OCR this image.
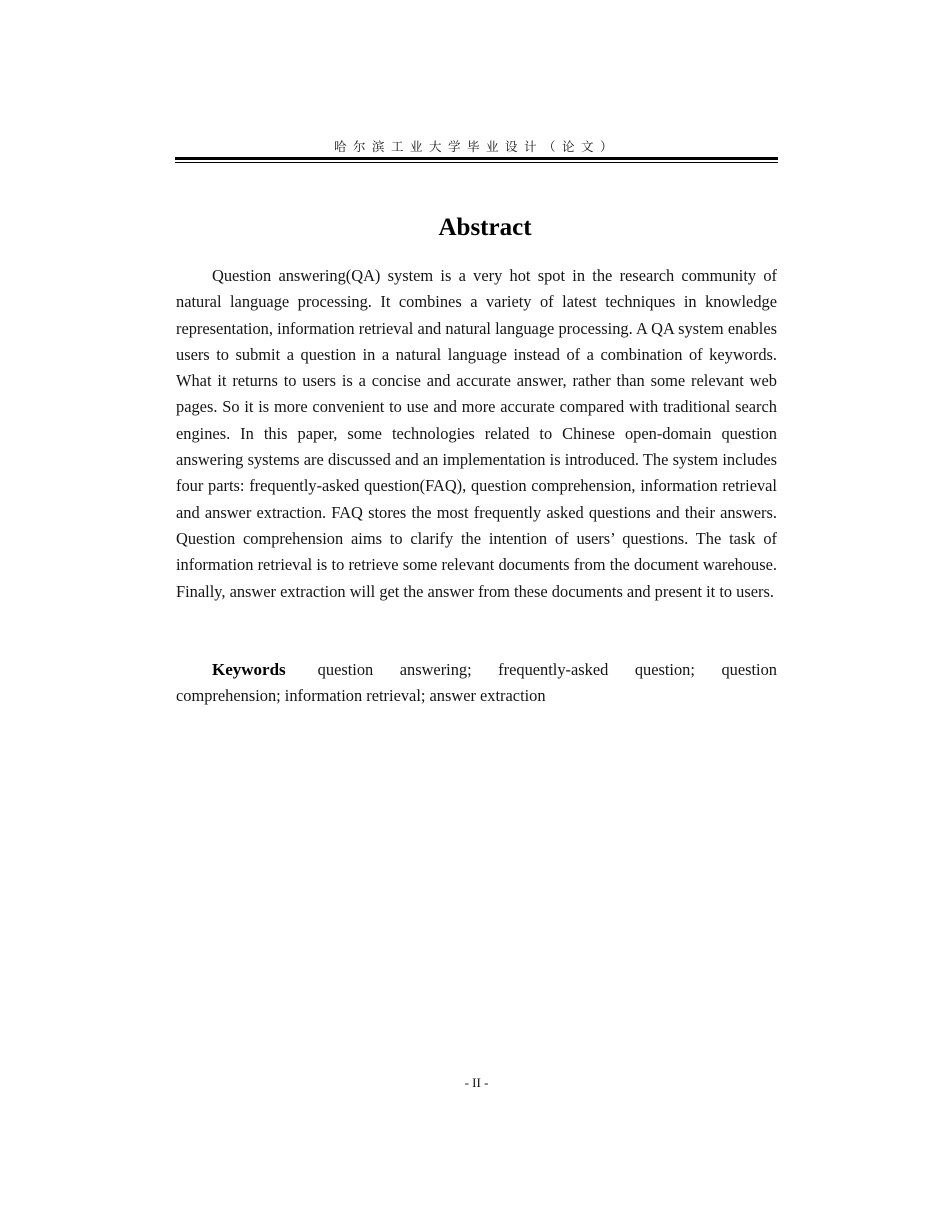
哈尔滨工业大学毕业设计（论文）
Abstract

Question answering(QA) system is a very hot spot in the research community of natural language processing. It combines a variety of latest techniques in knowledge representation, information retrieval and natural language processing. A QA system enables users to submit a question in a natural language instead of a combination of keywords. What it returns to users is a concise and accurate answer, rather than some relevant web pages. So it is more convenient to use and more accurate compared with traditional search engines. In this paper, some technologies related to Chinese open-domain question answering systems are discussed and an implementation is introduced. The system includes four parts: frequently-asked question(FAQ), question comprehension, information retrieval and answer extraction. FAQ stores the most frequently asked questions and their answers. Question comprehension aims to clarify the intention of users’ questions. The task of information retrieval is to retrieve some relevant documents from the document warehouse. Finally, answer extraction will get the answer from these documents and present it to users.

Keywords question answering; frequently-asked question; question comprehension; information retrieval; answer extraction

- II -
